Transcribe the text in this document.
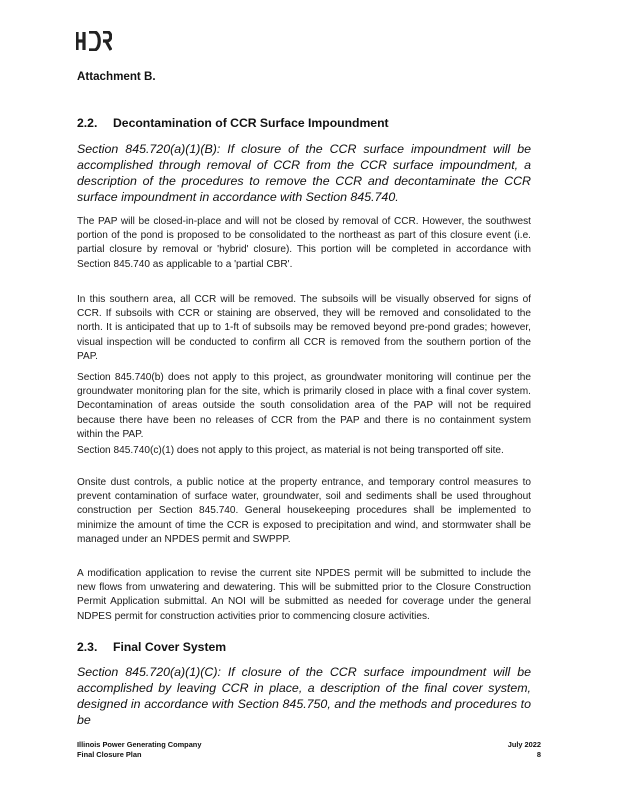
Attachment B.
2.2. Decontamination of CCR Surface Impoundment

Section 845.720(a)(1)(B): If closure of the CCR surface impoundment will be accomplished through removal of CCR from the CCR surface impoundment, a description of the procedures to remove the CCR and decontaminate the CCR surface impoundment in accordance with Section 845.740.

The PAP will be closed-in-place and will not be closed by removal of CCR. However, the southwest portion of the pond is proposed to be consolidated to the northeast as part of this closure event (i.e. partial closure by removal or 'hybrid' closure). This portion will be completed in accordance with Section 845.740 as applicable to a 'partial CBR'.

In this southern area, all CCR will be removed. The subsoils will be visually observed for signs of CCR. If subsoils with CCR or staining are observed, they will be removed and consolidated to the north. It is anticipated that up to 1-ft of subsoils may be removed beyond pre-pond grades; however, visual inspection will be conducted to confirm all CCR is removed from the southern portion of the PAP.

Section 845.740(b) does not apply to this project, as groundwater monitoring will continue per the groundwater monitoring plan for the site, which is primarily closed in place with a final cover system. Decontamination of areas outside the south consolidation area of the PAP will not be required because there have been no releases of CCR from the PAP and there is no containment system within the PAP.

Section 845.740(c)(1) does not apply to this project, as material is not being transported off site.

Onsite dust controls, a public notice at the property entrance, and temporary control measures to prevent contamination of surface water, groundwater, soil and sediments shall be used throughout construction per Section 845.740. General housekeeping procedures shall be implemented to minimize the amount of time the CCR is exposed to precipitation and wind, and stormwater shall be managed under an NPDES permit and SWPPP.

A modification application to revise the current site NPDES permit will be submitted to include the new flows from unwatering and dewatering. This will be submitted prior to the Closure Construction Permit Application submittal. An NOI will be submitted as needed for coverage under the general NDPES permit for construction activities prior to commencing closure activities.

2.3. Final Cover System

Section 845.720(a)(1)(C): If closure of the CCR surface impoundment will be accomplished by leaving CCR in place, a description of the final cover system, designed in accordance with Section 845.750, and the methods and procedures to be

Illinois Power Generating Company
Final Closure Plan
July 2022
8
